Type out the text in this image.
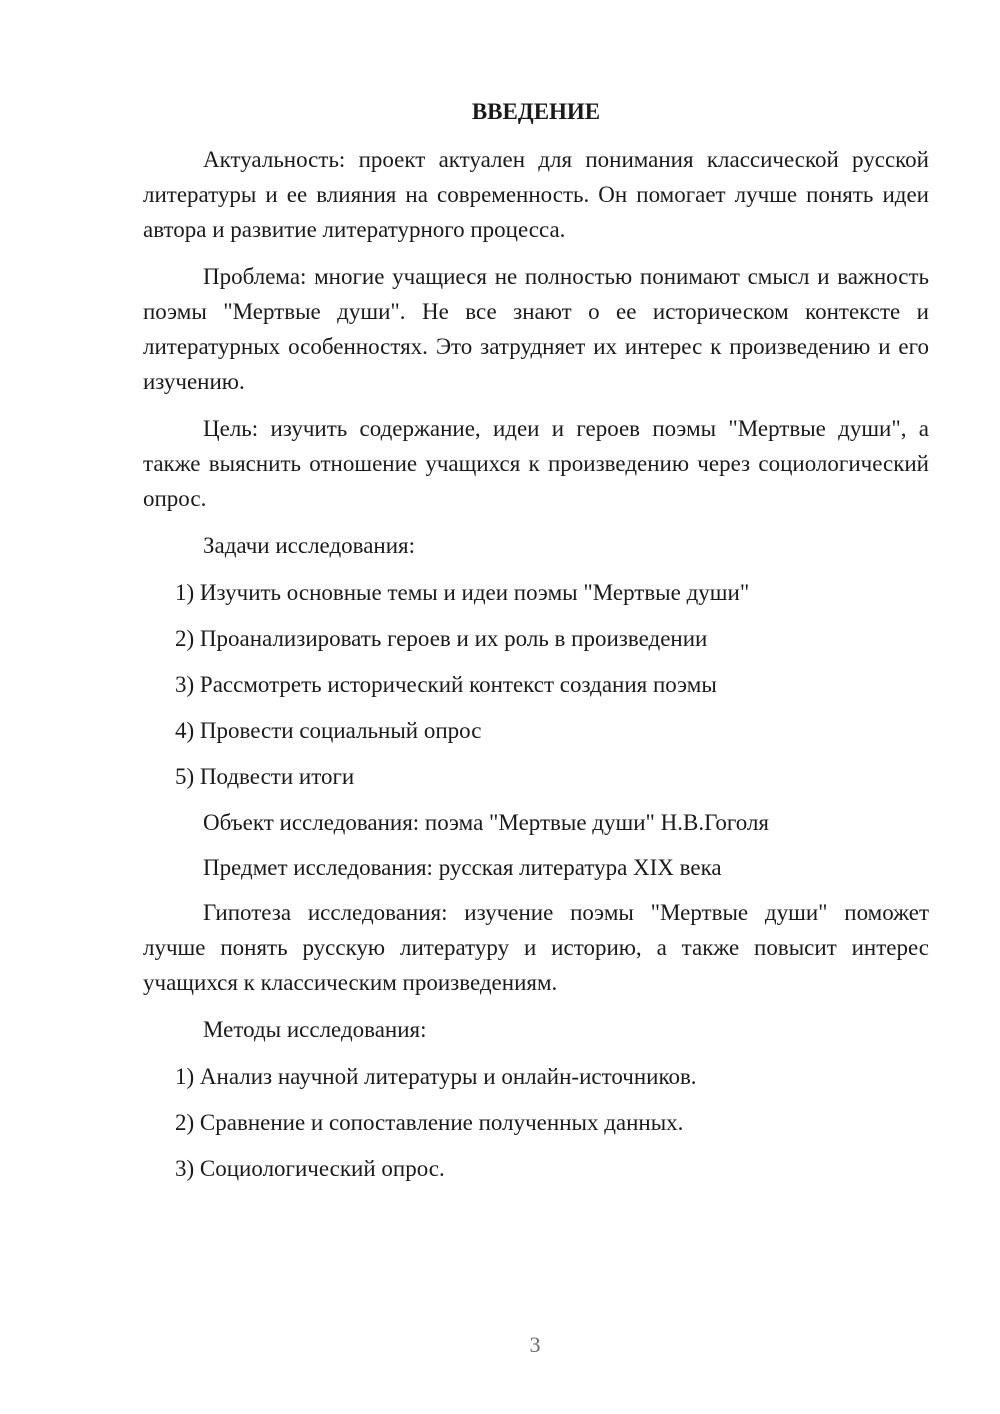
ВВЕДЕНИЕ

Актуальность: проект актуален для понимания классической русской литературы и ее влияния на современность. Он помогает лучше понять идеи автора и развитие литературного процесса.

Проблема: многие учащиеся не полностью понимают смысл и важность поэмы "Мертвые души". Не все знают о ее историческом контексте и литературных особенностях. Это затрудняет их интерес к произведению и его изучению.

Цель: изучить содержание, идеи и героев поэмы "Мертвые души", а также выяснить отношение учащихся к произведению через социологический опрос.

Задачи исследования:

1) Изучить основные темы и идеи поэмы "Мертвые души"
2) Проанализировать героев и их роль в произведении
3) Рассмотреть исторический контекст создания поэмы
4) Провести социальный опрос
5) Подвести итоги

Объект исследования: поэма "Мертвые души" Н.В.Гоголя

Предмет исследования: русская литература XIX века

Гипотеза исследования: изучение поэмы "Мертвые души" поможет лучше понять русскую литературу и историю, а также повысит интерес учащихся к классическим произведениям.

Методы исследования:

1) Анализ научной литературы и онлайн-источников.
2) Сравнение и сопоставление полученных данных.
3) Социологический опрос.
3
